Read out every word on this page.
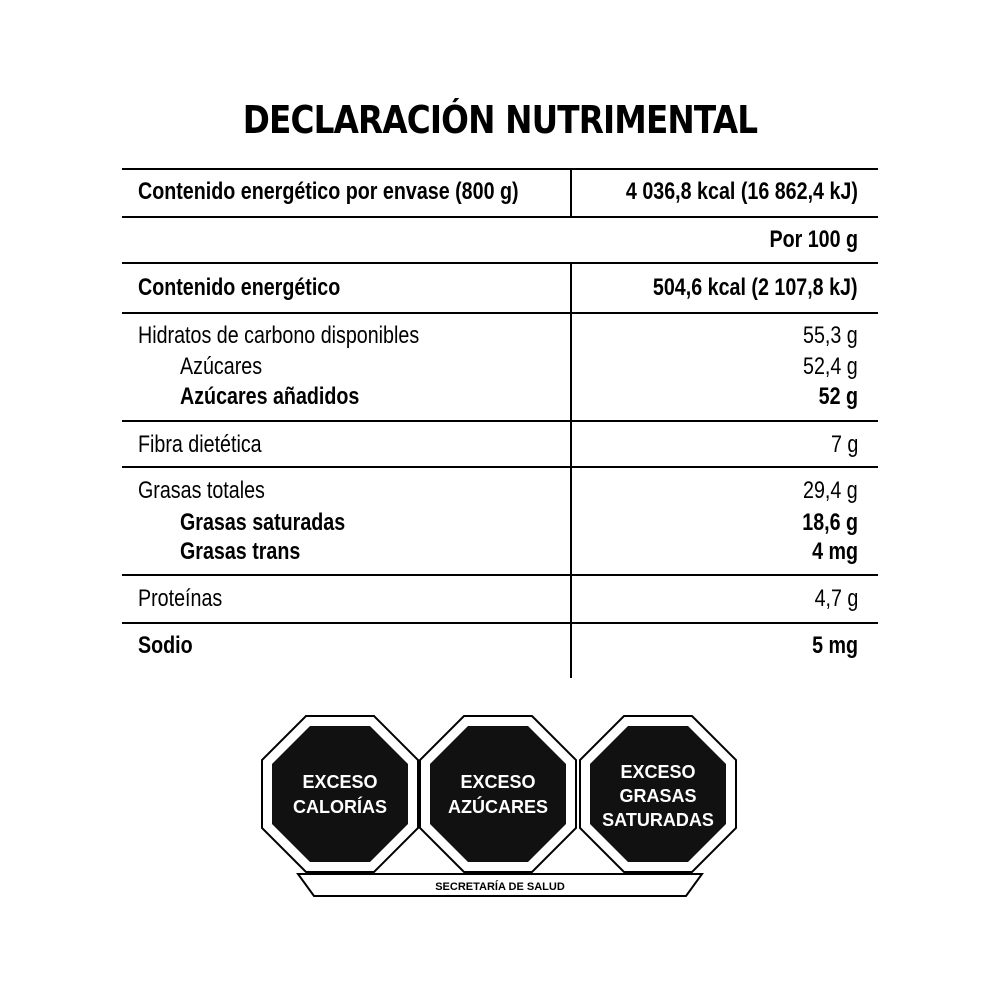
DECLARACIÓN NUTRIMENTAL
Contenido energético por envase (800 g)	4 036,8 kcal (16 862,4 kJ)
Por 100 g
Contenido energético	504,6 kcal (2 107,8 kJ)
Hidratos de carbono disponibles	55,3 g
Azúcares	52,4 g
Azúcares añadidos	52 g
Fibra dietética	7 g
Grasas totales	29,4 g
Grasas saturadas	18,6 g
Grasas trans	4 mg
Proteínas	4,7 g
Sodio	5 mg
SECRETARÍA DE SALUD
EXCESO
CALORÍAS
EXCESO
AZÚCARES
EXCESO
GRASAS
SATURADAS
